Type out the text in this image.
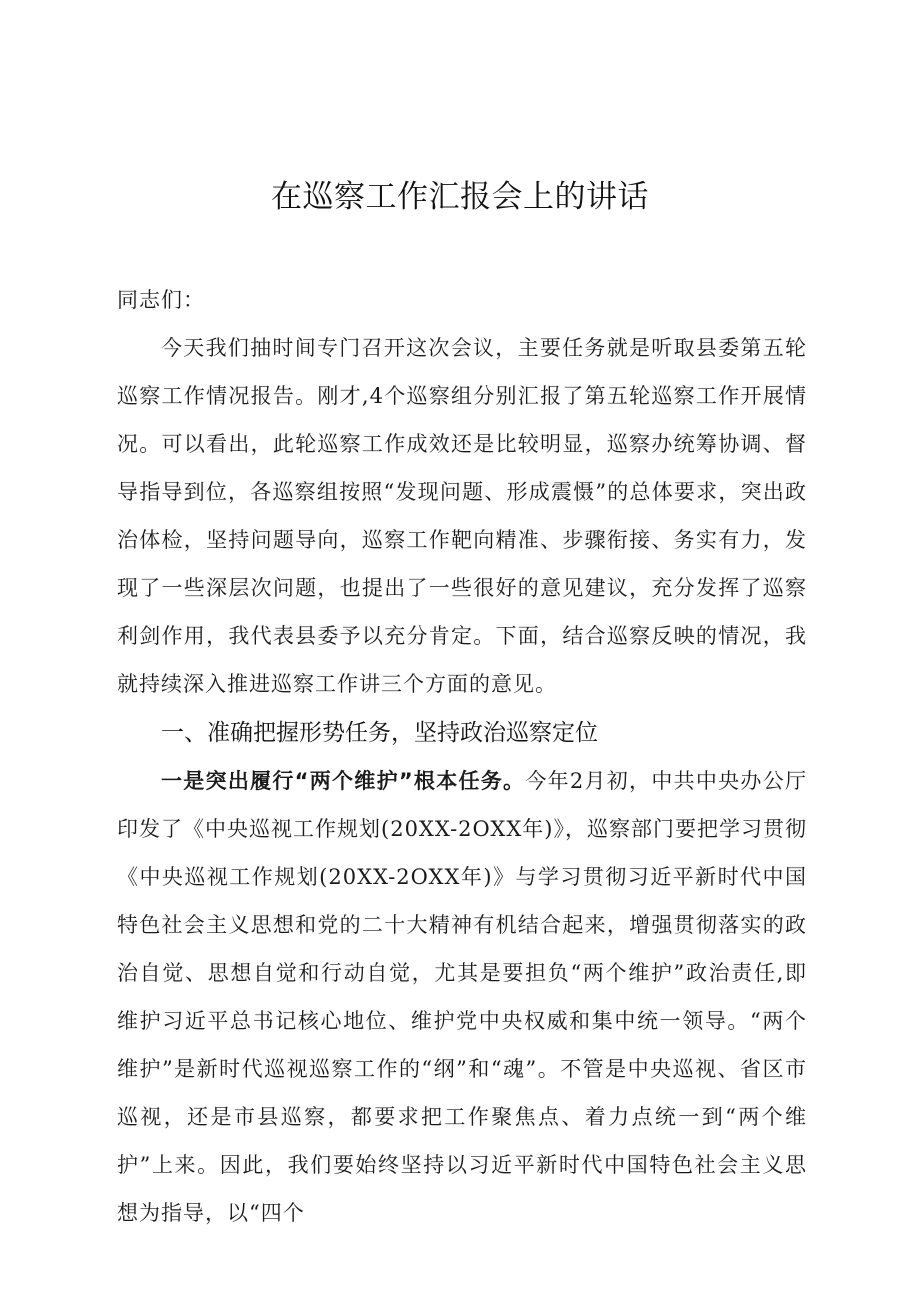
在巡察工作汇报会上的讲话

同志们：

今天我们抽时间专门召开这次会议，主要任务就是听取县委第五轮巡察工作情况报告。刚才,4个巡察组分别汇报了第五轮巡察工作开展情况。可以看出，此轮巡察工作成效还是比较明显，巡察办统筹协调、督导指导到位，各巡察组按照“发现问题、形成震慑”的总体要求，突出政治体检，坚持问题导向，巡察工作靶向精准、步骤衔接、务实有力，发现了一些深层次问题，也提出了一些很好的意见建议，充分发挥了巡察利剑作用，我代表县委予以充分肯定。下面，结合巡察反映的情况，我就持续深入推进巡察工作讲三个方面的意见。

一、准确把握形势任务，坚持政治巡察定位

一是突出履行“两个维护”根本任务。今年2月初，中共中央办公厅印发了《中央巡视工作规划(20XX-2OXX年)》，巡察部门要把学习贯彻《中央巡视工作规划(20XX-2OXX年)》与学习贯彻习近平新时代中国特色社会主义思想和党的二十大精神有机结合起来，增强贯彻落实的政治自觉、思想自觉和行动自觉，尤其是要担负“两个维护”政治责任,即维护习近平总书记核心地位、维护党中央权威和集中统一领导。“两个维护”是新时代巡视巡察工作的“纲”和“魂”。不管是中央巡视、省区市巡视，还是市县巡察，都要求把工作聚焦点、着力点统一到“两个维护”上来。因此，我们要始终坚持以习近平新时代中国特色社会主义思想为指导，以“四个
